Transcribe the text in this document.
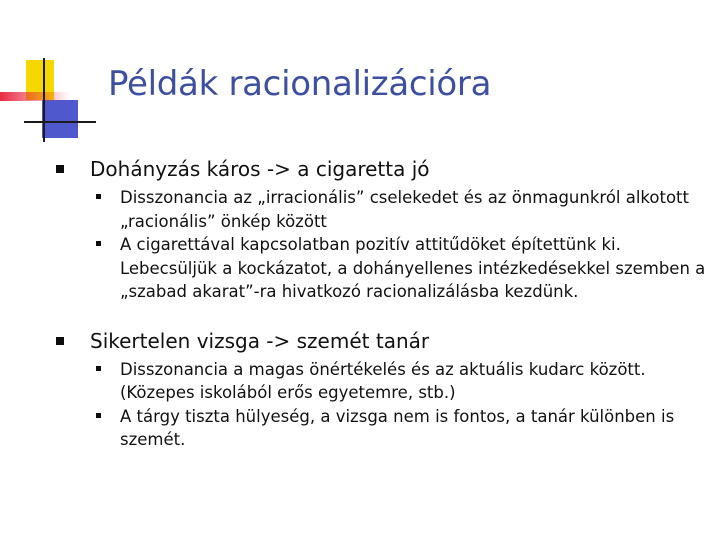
Példák racionalizációra
Dohányzás káros -> a cigaretta jó
Disszonancia az „irracionális” cselekedet és az önmagunkról alkotott „racionális” önkép között
A cigarettával kapcsolatban pozitív attitűdöket építettünk ki. Lebecsüljük a kockázatot, a dohányellenes intézkedésekkel szemben a „szabad akarat”-ra hivatkozó racionalizálásba kezdünk.
Sikertelen vizsga -> szemét tanár
Disszonancia a magas önértékelés és az aktuális kudarc között. (Közepes iskolából erős egyetemre, stb.)
A tárgy tiszta hülyeség, a vizsga nem is fontos, a tanár különben is szemét.
